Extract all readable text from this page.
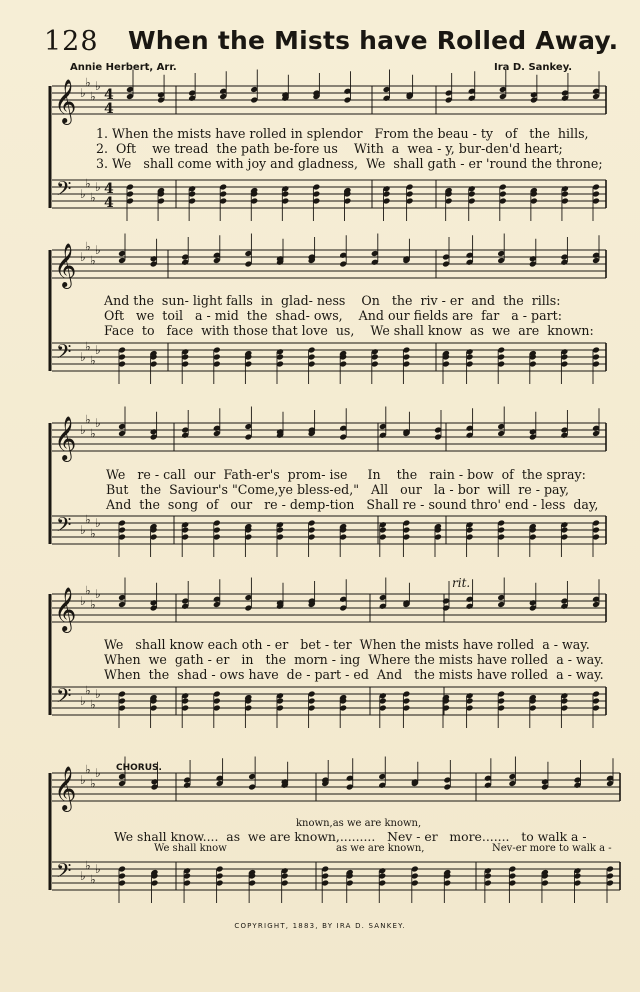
128 When the Mists have Rolled Away.
Annie Herbert, Arr.	Ira D. Sankey.
𝄞
𝄢
♭
♭
♭
♭
♭
♭
♭
♭
4
4
4
4
𝄞
𝄢
♭
♭
♭
♭
♭
♭
♭
♭
𝄞
𝄢
♭
♭
♭
♭
♭
♭
♭
♭
𝄞
𝄢
♭
♭
♭
♭
♭
♭
♭
♭
𝄞
𝄢
♭
♭
♭
♭
♭
♭
♭
♭
1. When the mists have rolled in splendor   From the beau - ty   of   the  hills,
2.  Oft    we tread  the path be-fore us    With  a  wea - y, bur-den'd heart;
3. We   shall come with joy and gladness,  We  shall gath - er 'round the throne;
And the  sun- light falls  in  glad- ness    On   the  riv - er  and  the  rills:
Oft   we  toil   a - mid  the  shad- ows,    And our fields are  far   a - part:
Face  to   face  with those that love  us,    We shall know  as  we  are  known:
We   re - call  our  Fath-er's  prom- ise     In    the   rain - bow  of  the spray:
But   the  Saviour's "Come,ye bless-ed,"   All   our   la - bor  will  re - pay,
And  the  song  of   our   re - demp-tion   Shall re - sound thro' end - less  day,
rit.
We   shall know each oth - er   bet - ter  When the mists have rolled  a - way.
When  we  gath - er   in   the  morn - ing  Where the mists have rolled  a - way.
When  the  shad - ows have  de - part - ed  And   the mists have rolled  a - way.
CHORUS.
known,as we are known,
We shall know....  as  we are known,.........   Nev - er   more.......   to walk a -
We shall know	as we are known,	Nev-er more to walk a -
COPYRIGHT, 1883, BY IRA D. SANKEY.
